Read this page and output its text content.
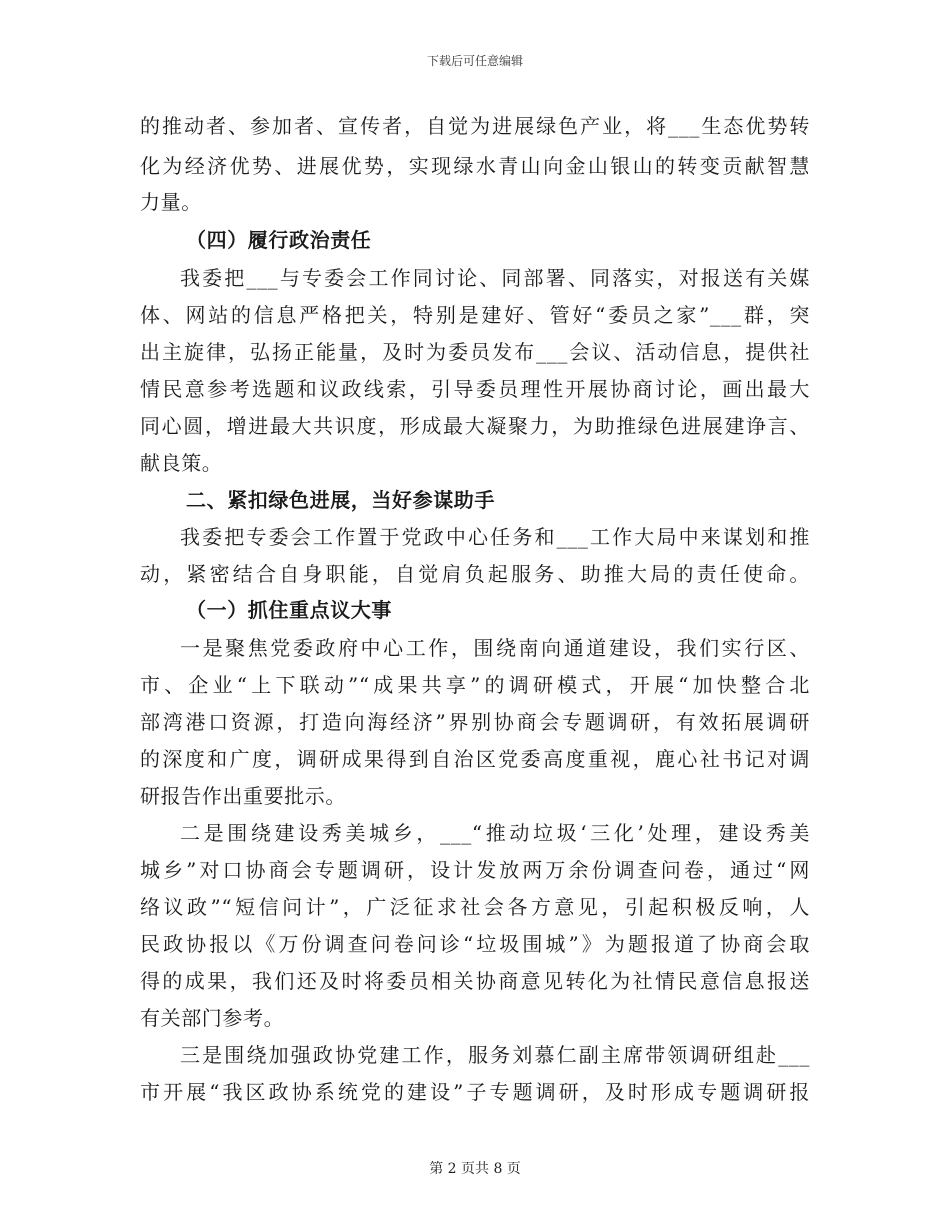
下载后可任意编辑
的推动者、参加者、宣传者，自觉为进展绿色产业，将___生态优势转
化为经济优势、进展优势，实现绿水青山向金山银山的转变贡献智慧
力量。
（四）履行政治责任
我委把___与专委会工作同讨论、同部署、同落实，对报送有关媒
体、网站的信息严格把关，特别是建好、管好“委员之家”___群，突
出主旋律，弘扬正能量，及时为委员发布___会议、活动信息，提供社
情民意参考选题和议政线索，引导委员理性开展协商讨论，画出最大
同心圆，增进最大共识度，形成最大凝聚力，为助推绿色进展建诤言、
献良策。
二、紧扣绿色进展，当好参谋助手
我委把专委会工作置于党政中心任务和___工作大局中来谋划和推
动，紧密结合自身职能，自觉肩负起服务、助推大局的责任使命。
（一）抓住重点议大事
一是聚焦党委政府中心工作，围绕南向通道建设，我们实行区、
市、企业“上下联动”“成果共享”的调研模式，开展“加快整合北
部湾港口资源，打造向海经济”界别协商会专题调研，有效拓展调研
的深度和广度，调研成果得到自治区党委高度重视，鹿心社书记对调
研报告作出重要批示。
二是围绕建设秀美城乡，___“推动垃圾‘三化’处理，建设秀美
城乡”对口协商会专题调研，设计发放两万余份调查问卷，通过“网
络议政”“短信问计”，广泛征求社会各方意见，引起积极反响，人
民政协报以《万份调查问卷问诊“垃圾围城”》为题报道了协商会取
得的成果，我们还及时将委员相关协商意见转化为社情民意信息报送
有关部门参考。
三是围绕加强政协党建工作，服务刘慕仁副主席带领调研组赴___
市开展“我区政协系统党的建设”子专题调研，及时形成专题调研报
第 2 页共 8 页
